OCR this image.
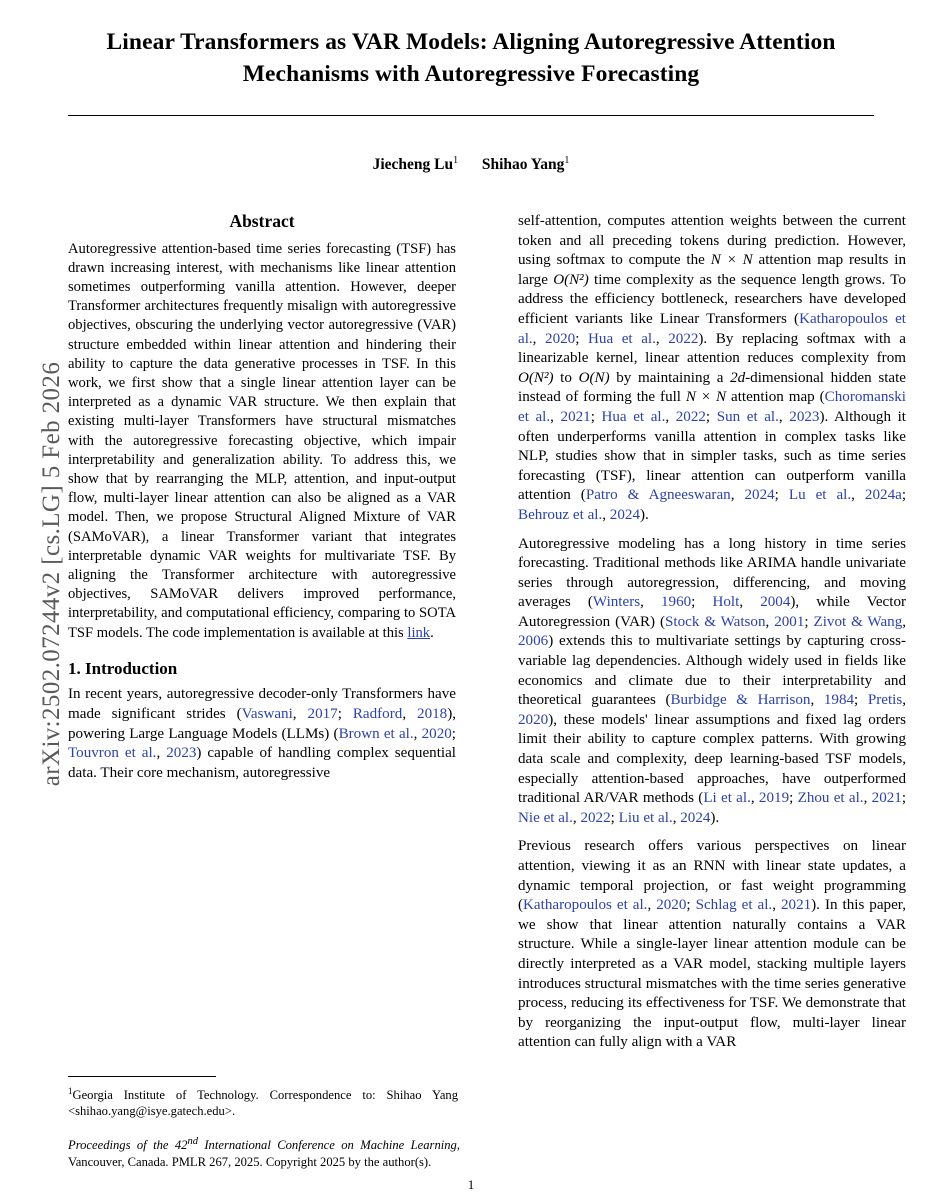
arXiv:2502.07244v2 [cs.LG] 5 Feb 2026
Linear Transformers as VAR Models: Aligning Autoregressive Attention Mechanisms with Autoregressive Forecasting
Jiecheng Lu$^1$ Shihao Yang$^1$
Abstract
Autoregressive attention-based time series forecasting (TSF) has drawn increasing interest, with mechanisms like linear attention sometimes outperforming vanilla attention. However, deeper Transformer architectures frequently misalign with autoregressive objectives, obscuring the underlying vector autoregressive (VAR) structure embedded within linear attention and hindering their ability to capture the data generative processes in TSF. In this work, we first show that a single linear attention layer can be interpreted as a dynamic VAR structure. We then explain that existing multi-layer Transformers have structural mismatches with the autoregressive forecasting objective, which impair interpretability and generalization ability. To address this, we show that by rearranging the MLP, attention, and input-output flow, multi-layer linear attention can also be aligned as a VAR model. Then, we propose Structural Aligned Mixture of VAR (SAMoVAR), a linear Transformer variant that integrates interpretable dynamic VAR weights for multivariate TSF. By aligning the Transformer architecture with autoregressive objectives, SAMoVAR delivers improved performance, interpretability, and computational efficiency, comparing to SOTA TSF models. The code implementation is available at this link.
1. Introduction

In recent years, autoregressive decoder-only Transformers have made significant strides (Vaswani, 2017; Radford, 2018), powering Large Language Models (LLMs) (Brown et al., 2020; Touvron et al., 2023) capable of handling complex sequential data. Their core mechanism, autoregressive

self-attention, computes attention weights between the current token and all preceding tokens during prediction. However, using softmax to compute the N × N attention map results in large O(N²) time complexity as the sequence length grows. To address the efficiency bottleneck, researchers have developed efficient variants like Linear Transformers (Katharopoulos et al., 2020; Hua et al., 2022). By replacing softmax with a linearizable kernel, linear attention reduces complexity from O(N²) to O(N) by maintaining a 2d-dimensional hidden state instead of forming the full N × N attention map (Choromanski et al., 2021; Hua et al., 2022; Sun et al., 2023). Although it often underperforms vanilla attention in complex tasks like NLP, studies show that in simpler tasks, such as time series forecasting (TSF), linear attention can outperform vanilla attention (Patro & Agneeswaran, 2024; Lu et al., 2024a; Behrouz et al., 2024).

Autoregressive modeling has a long history in time series forecasting. Traditional methods like ARIMA handle univariate series through autoregression, differencing, and moving averages (Winters, 1960; Holt, 2004), while Vector Autoregression (VAR) (Stock & Watson, 2001; Zivot & Wang, 2006) extends this to multivariate settings by capturing cross-variable lag dependencies. Although widely used in fields like economics and climate due to their interpretability and theoretical guarantees (Burbidge & Harrison, 1984; Pretis, 2020), these models' linear assumptions and fixed lag orders limit their ability to capture complex patterns. With growing data scale and complexity, deep learning-based TSF models, especially attention-based approaches, have outperformed traditional AR/VAR methods (Li et al., 2019; Zhou et al., 2021; Nie et al., 2022; Liu et al., 2024).

Previous research offers various perspectives on linear attention, viewing it as an RNN with linear state updates, a dynamic temporal projection, or fast weight programming (Katharopoulos et al., 2020; Schlag et al., 2021). In this paper, we show that linear attention naturally contains a VAR structure. While a single-layer linear attention module can be directly interpreted as a VAR model, stacking multiple layers introduces structural mismatches with the time series generative process, reducing its effectiveness for TSF. We demonstrate that by reorganizing the input-output flow, multi-layer linear attention can fully align with a VAR

$^1$Georgia Institute of Technology. Correspondence to: Shihao Yang <shihao.yang@isye.gatech.edu>.
Proceedings of the 42nd International Conference on Machine Learning, Vancouver, Canada. PMLR 267, 2025. Copyright 2025 by the author(s).
1
